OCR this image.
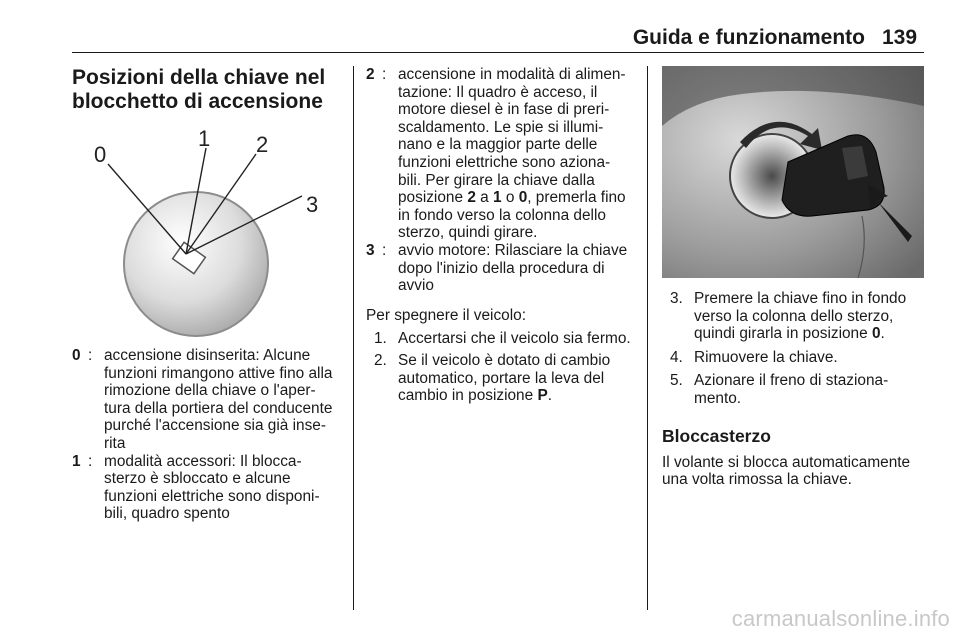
Guida e funzionamento 139
Posizioni della chiave nel
blocchetto di accensione
0
1 2
3
0 : accensione disinserita: Alcune
funzioni rimangono attive fino alla
rimozione della chiave o l'aper-
tura della portiera del conducente
purché l'accensione sia già inse-
rita
1 : modalità accessori: Il blocca-
sterzo è sbloccato e alcune
funzioni elettriche sono disponi-
bili, quadro spento
2 : accensione in modalità di alimen-
tazione: Il quadro è acceso, il
motore diesel è in fase di preri-
scaldamento. Le spie si illumi-
nano e la maggior parte delle
funzioni elettriche sono aziona-
bili. Per girare la chiave dalla
posizione 2 a 1 o 0, premerla fino
in fondo verso la colonna dello
sterzo, quindi girare.
3 : avvio motore: Rilasciare la chiave
dopo l'inizio della procedura di
avvio

Per spegnere il veicolo:

1. Accertarsi che il veicolo sia fermo.
2. Se il veicolo è dotato di cambio
automatico, portare la leva del
cambio in posizione P.
3. Premere la chiave fino in fondo
verso la colonna dello sterzo,
quindi girarla in posizione 0.
4. Rimuovere la chiave.
5. Azionare il freno di staziona-
mento.
Bloccasterzo

Il volante si blocca automaticamente
una volta rimossa la chiave.

carmanualsonline.info
